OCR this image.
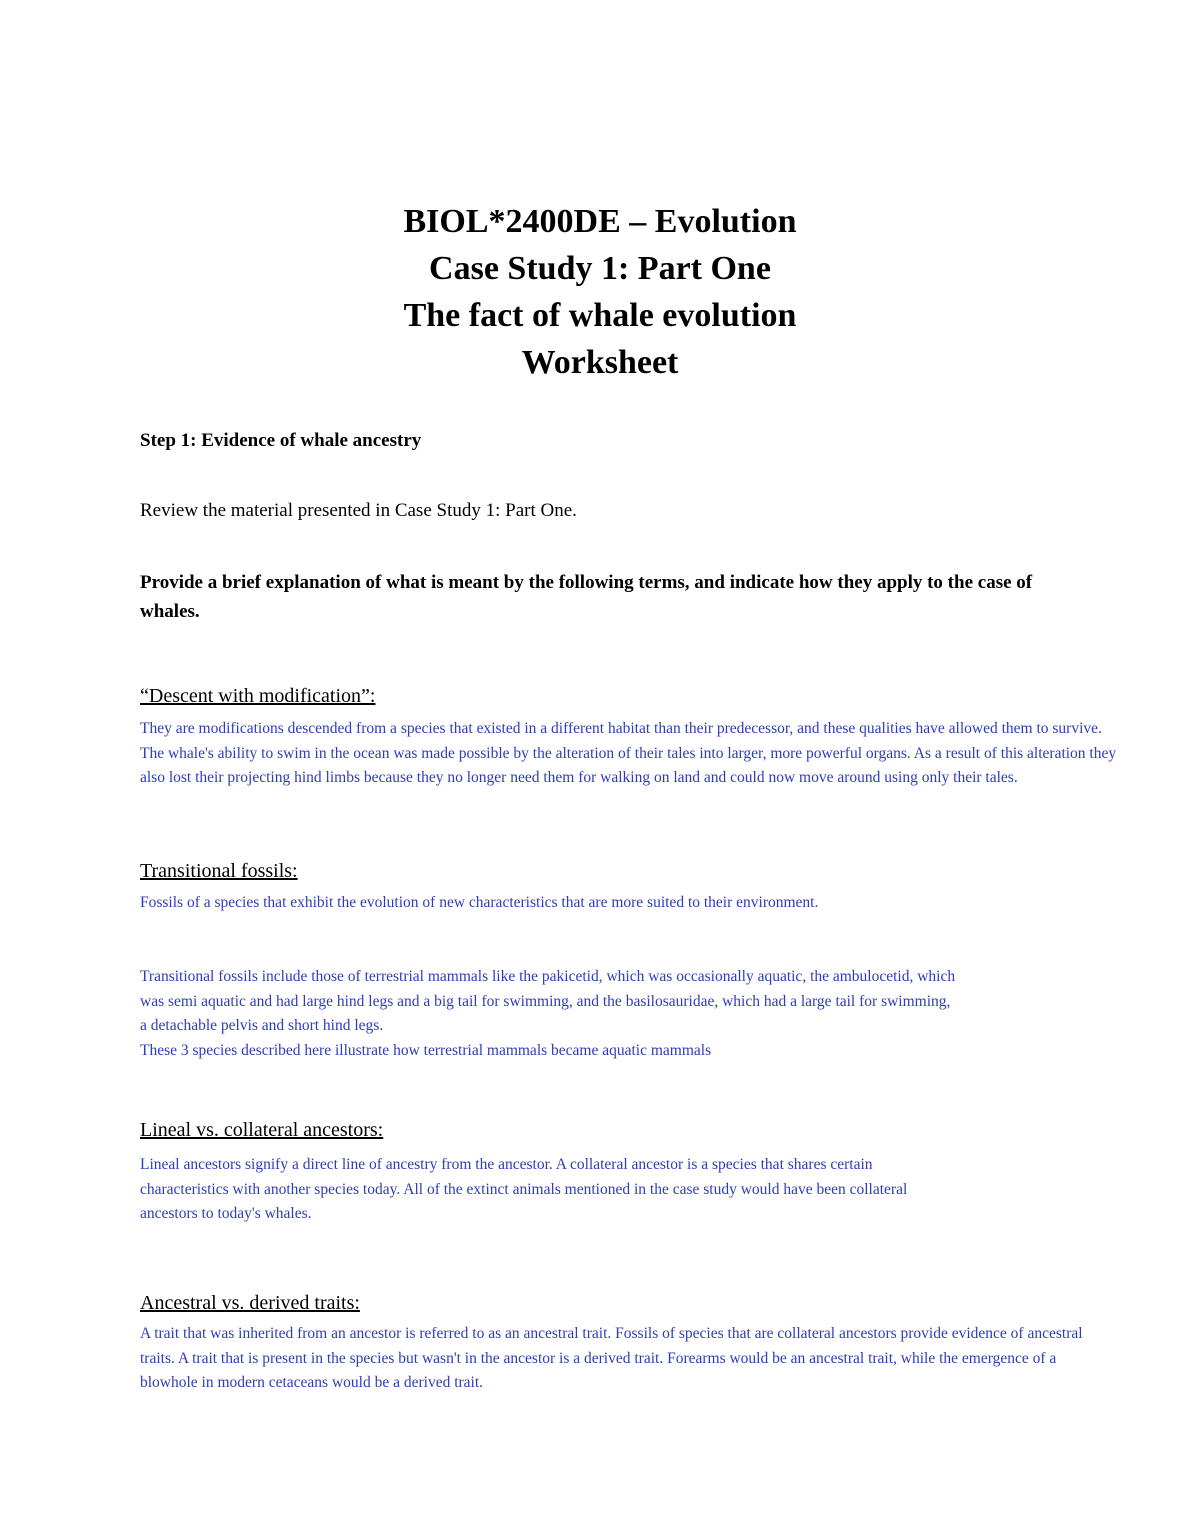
BIOL*2400DE – Evolution
Case Study 1: Part One
The fact of whale evolution
Worksheet
Step 1: Evidence of whale ancestry
Review the material presented in Case Study 1: Part One.
Provide a brief explanation of what is meant by the following terms, and indicate how they apply to the case of whales.
“Descent with modification”:
They are modifications descended from a species that existed in a different habitat than their predecessor, and these qualities have allowed them to survive.
The whale's ability to swim in the ocean was made possible by the alteration of their tales into larger, more powerful organs. As a result of this alteration they also lost their projecting hind limbs because they no longer need them for walking on land and could now move around using only their tales.
Transitional fossils:
Fossils of a species that exhibit the evolution of new characteristics that are more suited to their environment.
Transitional fossils include those of terrestrial mammals like the pakicetid, which was occasionally aquatic, the ambulocetid, which was semi aquatic and had large hind legs and a big tail for swimming, and the basilosauridae, which had a large tail for swimming, a detachable pelvis and short hind legs.
These 3 species described here illustrate how terrestrial mammals became aquatic mammals
Lineal vs. collateral ancestors:
Lineal ancestors signify a direct line of ancestry from the ancestor. A collateral ancestor is a species that shares certain characteristics with another species today. All of the extinct animals mentioned in the case study would have been collateral ancestors to today's whales.
Ancestral vs. derived traits:
A trait that was inherited from an ancestor is referred to as an ancestral trait. Fossils of species that are collateral ancestors provide evidence of ancestral traits. A trait that is present in the species but wasn't in the ancestor is a derived trait. Forearms would be an ancestral trait, while the emergence of a blowhole in modern cetaceans would be a derived trait.
